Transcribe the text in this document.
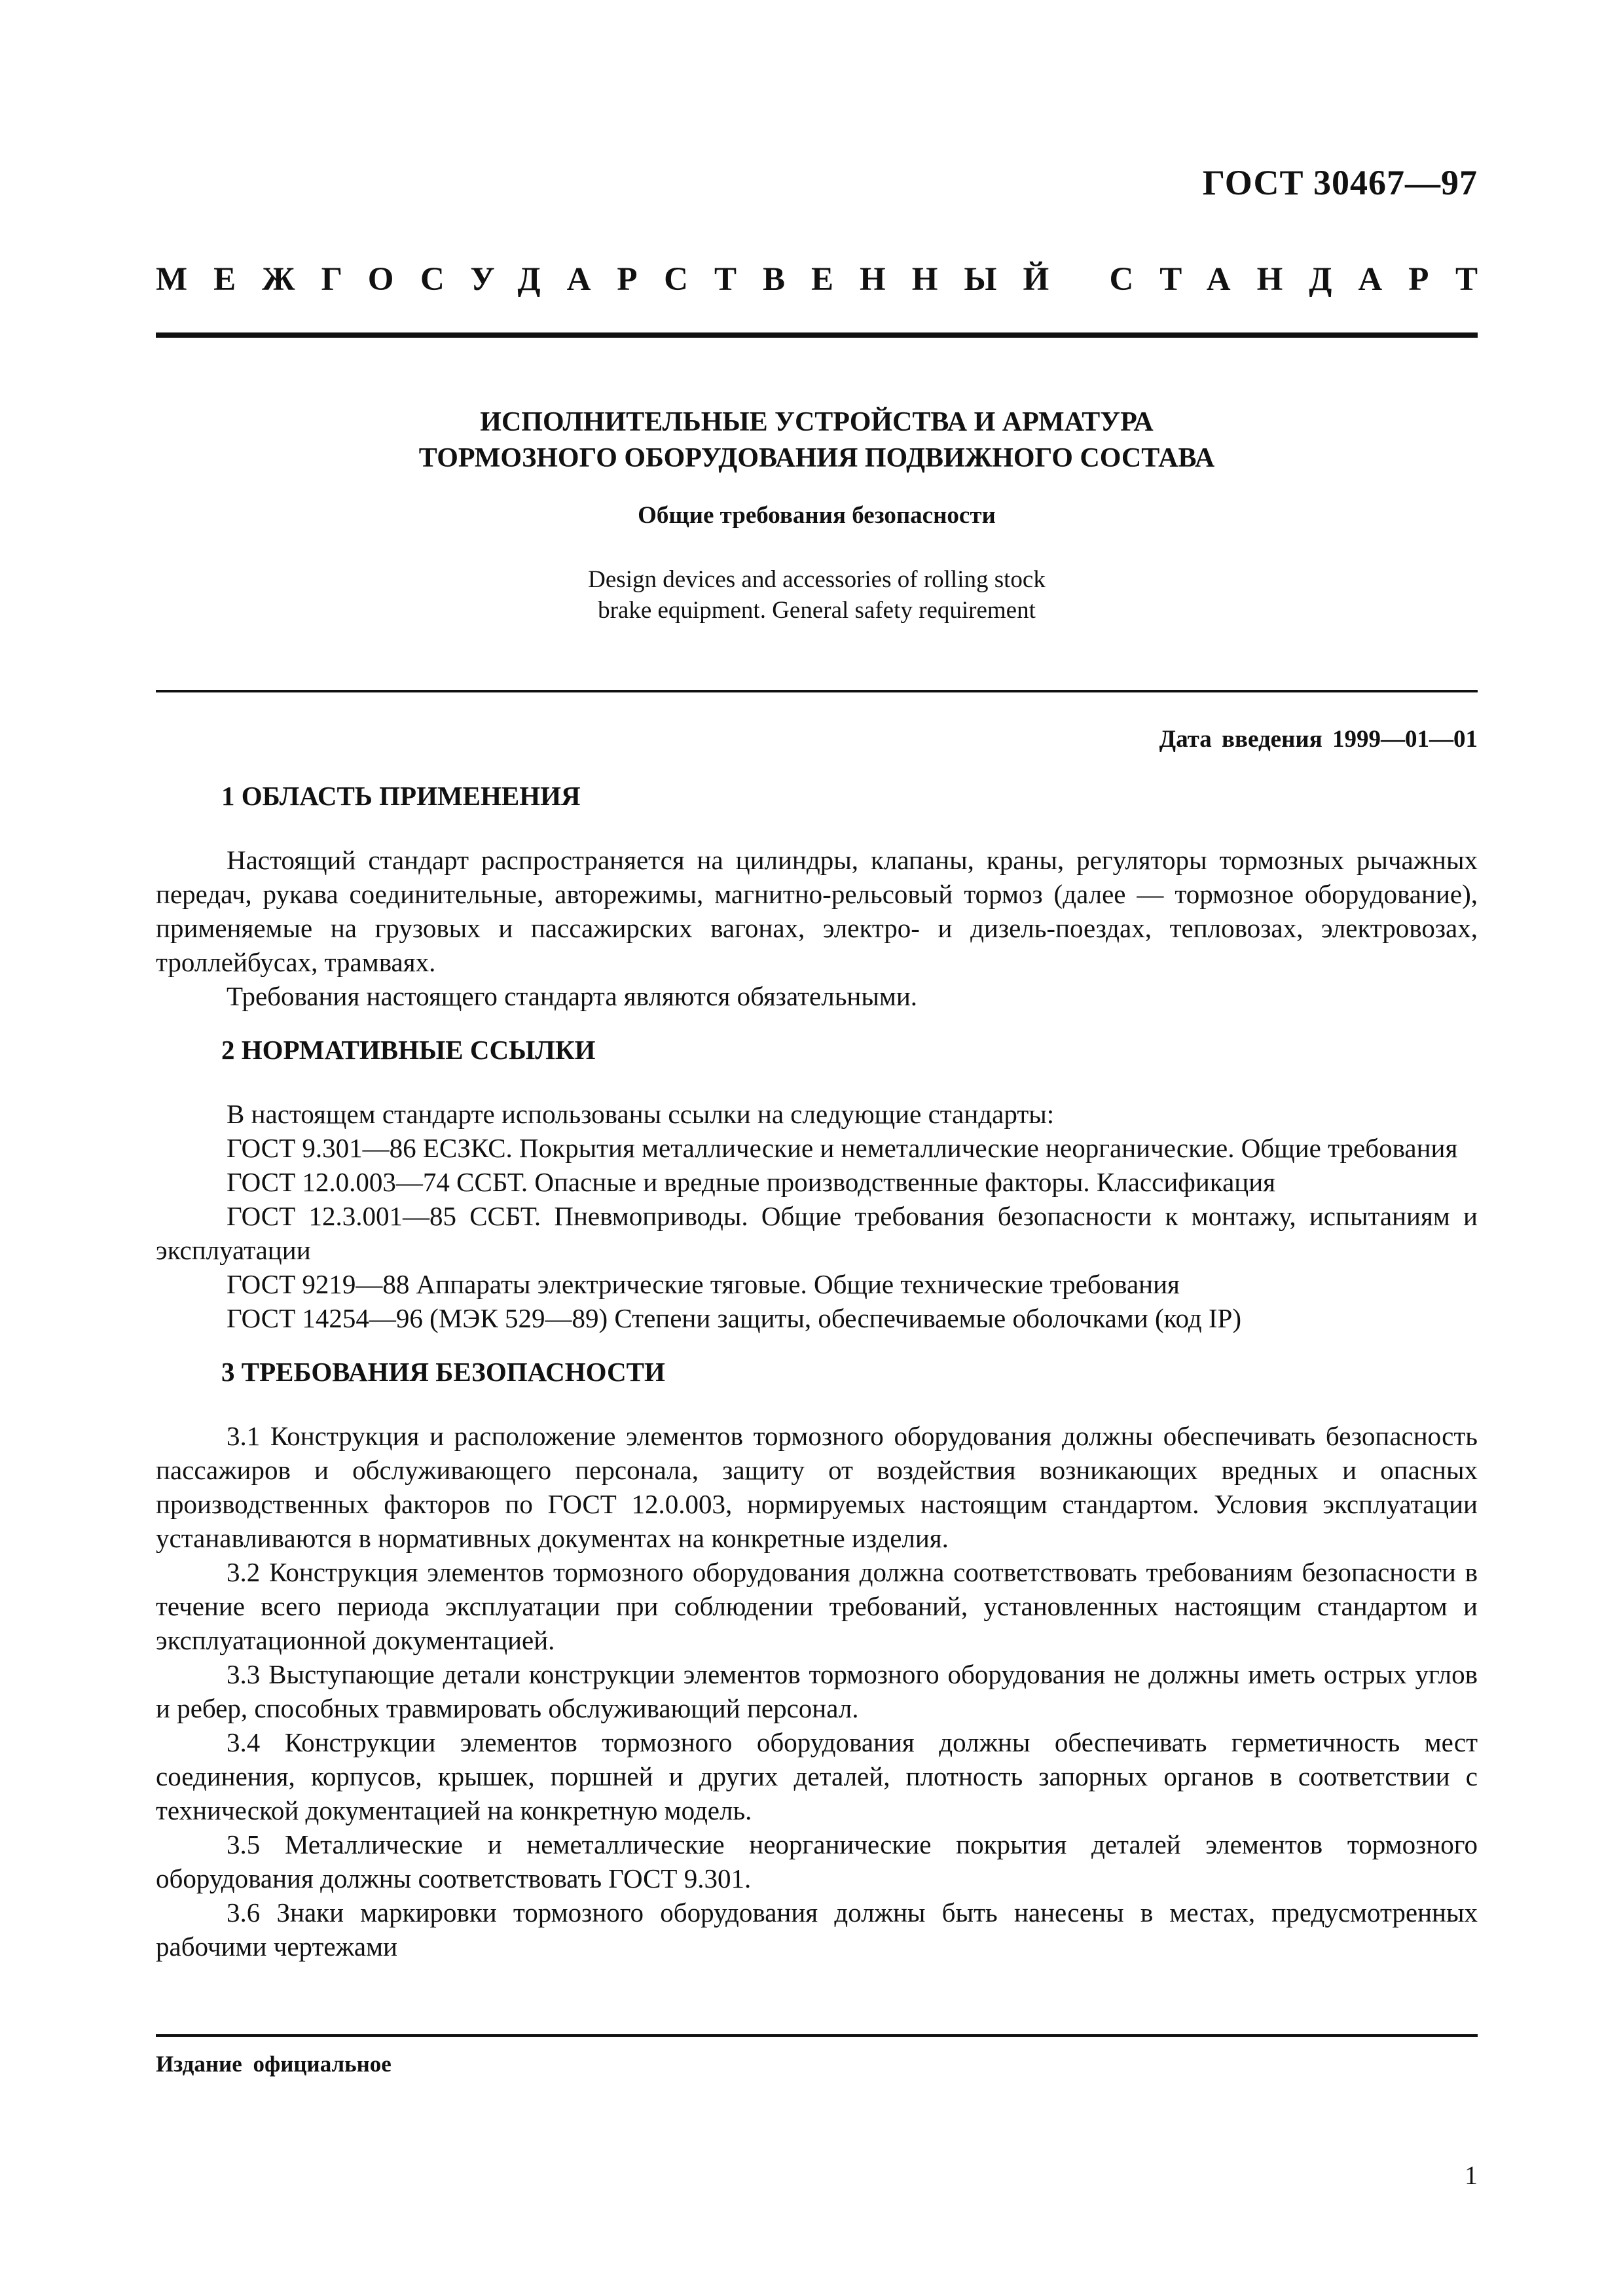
ГОСТ 30467—97
МЕЖГОСУДАРСТВЕННЫЙ СТАНДАРТ
ИСПОЛНИТЕЛЬНЫЕ УСТРОЙСТВА И АРМАТУРА
ТОРМОЗНОГО ОБОРУДОВАНИЯ ПОДВИЖНОГО СОСТАВА
Общие требования безопасности
Design devices and accessories of rolling stock
brake equipment. General safety requirement
Дата введения 1999—01—01
1 ОБЛАСТЬ ПРИМЕНЕНИЯ

Настоящий стандарт распространяется на цилиндры, клапаны, краны, регуляторы тормозных рычажных передач, рукава соединительные, авторежимы, магнитно-рельсовый тормоз (далее — тормозное оборудование), применяемые на грузовых и пассажирских вагонах, электро- и дизель-поездах, тепловозах, электровозах, троллейбусах, трамваях.

Требования настоящего стандарта являются обязательными.

2 НОРМАТИВНЫЕ ССЫЛКИ

В настоящем стандарте использованы ссылки на следующие стандарты:

ГОСТ 9.301—86 ЕСЗКС. Покрытия металлические и неметаллические неорганические. Общие требования

ГОСТ 12.0.003—74 ССБТ. Опасные и вредные производственные факторы. Классификация

ГОСТ 12.3.001—85 ССБТ. Пневмоприводы. Общие требования безопасности к монтажу, испытаниям и эксплуатации

ГОСТ 9219—88 Аппараты электрические тяговые. Общие технические требования

ГОСТ 14254—96 (МЭК 529—89) Степени защиты, обеспечиваемые оболочками (код IP)

3 ТРЕБОВАНИЯ БЕЗОПАСНОСТИ

3.1 Конструкция и расположение элементов тормозного оборудования должны обеспечивать безопасность пассажиров и обслуживающего персонала, защиту от воздействия возникающих вредных и опасных производственных факторов по ГОСТ 12.0.003, нормируемых настоящим стандартом. Условия эксплуатации устанавливаются в нормативных документах на конкретные изделия.

3.2 Конструкция элементов тормозного оборудования должна соответствовать требованиям безопасности в течение всего периода эксплуатации при соблюдении требований, установленных настоящим стандартом и эксплуатационной документацией.

3.3 Выступающие детали конструкции элементов тормозного оборудования не должны иметь острых углов и ребер, способных травмировать обслуживающий персонал.

3.4 Конструкции элементов тормозного оборудования должны обеспечивать герметичность мест соединения, корпусов, крышек, поршней и других деталей, плотность запорных органов в соответствии с технической документацией на конкретную модель.

3.5 Металлические и неметаллические неорганические покрытия деталей элементов тормозного оборудования должны соответствовать ГОСТ 9.301.

3.6 Знаки маркировки тормозного оборудования должны быть нанесены в местах, предусмотренных рабочими чертежами

Издание официальное
1
